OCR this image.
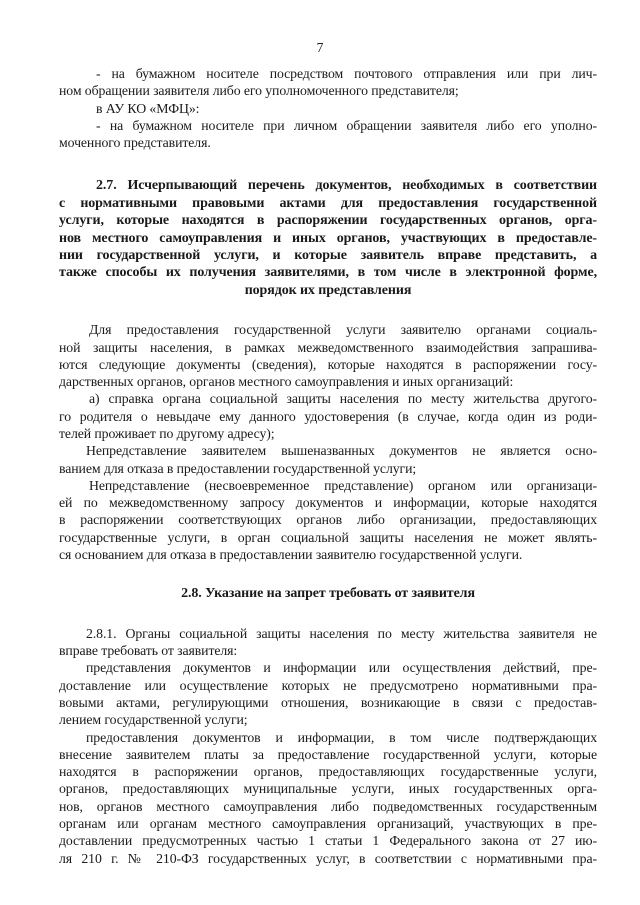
7
- на бумажном носителе посредством почтового отправления или при лич-
ном обращении заявителя либо его уполномоченного представителя;
в АУ КО «МФЦ»:
- на бумажном носителе при личном обращении заявителя либо его уполно-
моченного представителя.
2.7. Исчерпывающий перечень документов, необходимых в соответствии
с нормативными правовыми актами для предоставления государственной
услуги, которые находятся в распоряжении государственных органов, орга-
нов местного самоуправления и иных органов, участвующих в предоставле-
нии государственной услуги, и которые заявитель вправе представить, а
также способы их получения заявителями, в том числе в электронной форме,
порядок их представления
Для предоставления государственной услуги заявителю органами социаль-
ной защиты населения, в рамках межведомственного взаимодействия запрашива-
ются следующие документы (сведения), которые находятся в распоряжении госу-
дарственных органов, органов местного самоуправления и иных организаций:
а) справка органа социальной защиты населения по месту жительства другого-
го родителя о невыдаче ему данного удостоверения (в случае, когда один из роди-
телей проживает по другому адресу);
Непредставление заявителем вышеназванных документов не является осно-
ванием для отказа в предоставлении государственной услуги;
Непредставление (несвоевременное представление) органом или организаци-
ей по межведомственному запросу документов и информации, которые находятся
в распоряжении соответствующих органов либо организации, предоставляющих
государственные услуги, в орган социальной защиты населения не может являть-
ся основанием для отказа в предоставлении заявителю государственной услуги.
2.8. Указание на запрет требовать от заявителя
2.8.1. Органы социальной защиты населения по месту жительства заявителя не
вправе требовать от заявителя:
представления документов и информации или осуществления действий, пре-
доставление или осуществление которых не предусмотрено нормативными пра-
вовыми актами, регулирующими отношения, возникающие в связи с предостав-
лением государственной услуги;
предоставления документов и информации, в том числе подтверждающих
внесение заявителем платы за предоставление государственной услуги, которые
находятся в распоряжении органов, предоставляющих государственные услуги,
органов, предоставляющих муниципальные услуги, иных государственных орга-
нов, органов местного самоуправления либо подведомственных государственным
органам или органам местного самоуправления организаций, участвующих в пре-
доставлении предусмотренных частью 1 статьи 1 Федерального закона от 27 ию-
ля 210 г. № 210-ФЗ государственных услуг, в соответствии с нормативными пра-
